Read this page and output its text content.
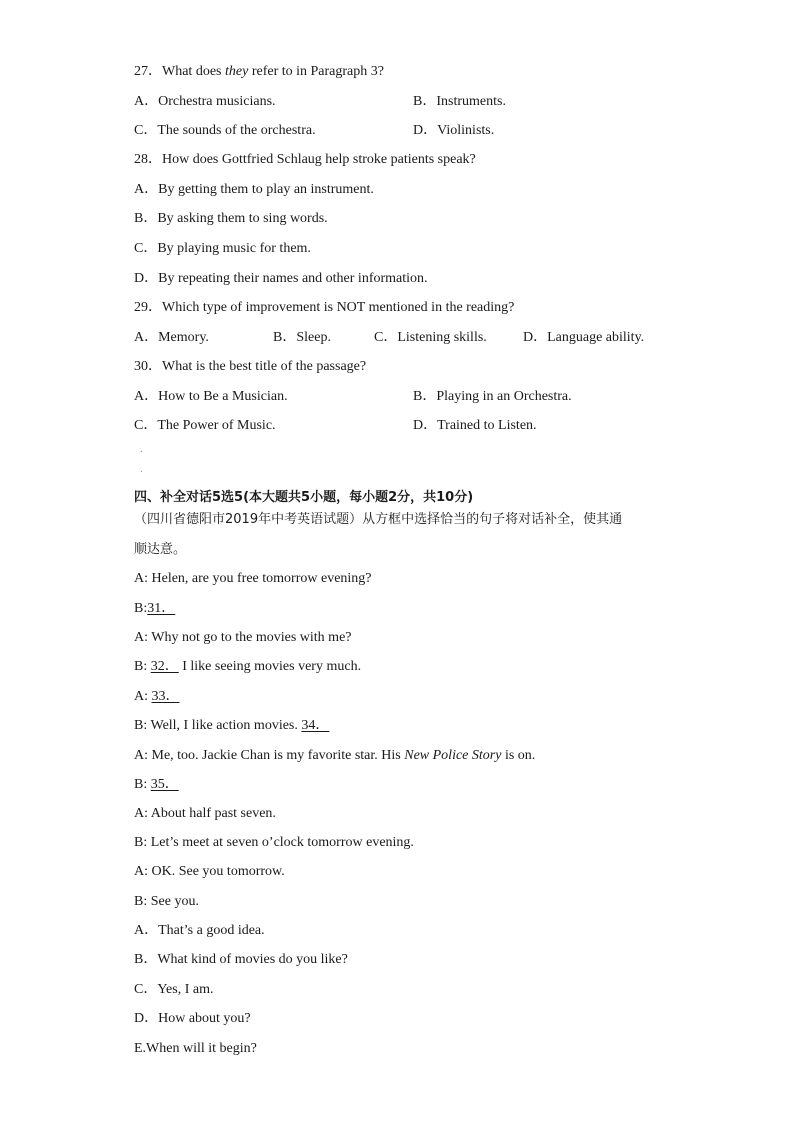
27．What does they refer to in Paragraph 3?
A．Orchestra musicians.	B．Instruments.
C．The sounds of the orchestra.	D．Violinists.
28．How does Gottfried Schlaug help stroke patients speak?
A．By getting them to play an instrument.
B．By asking them to sing words.
C．By playing music for them.
D．By repeating their names and other information.
29．Which type of improvement is NOT mentioned in the reading?
A．Memory.	B．Sleep.	C．Listening skills.	D．Language ability.
30．What is the best title of the passage?
A．How to Be a Musician.	B．Playing in an Orchestra.
C．The Power of Music.	D．Trained to Listen.
.
.
四、补全对话5选5(本大题共5小题，每小题2分，共10分)
（四川省德阳市2019年中考英语试题）从方框中选择恰当的句子将对话补全，使其通
顺达意。
A: Helen, are you free tomorrow evening?
B:31．
A: Why not go to the movies with me?
B: 32． I like seeing movies very much.
A: 33．
B: Well, I like action movies. 34．
A: Me, too. Jackie Chan is my favorite star. His New Police Story is on.
B: 35．
A: About half past seven.
B: Let’s meet at seven o’clock tomorrow evening.
A: OK. See you tomorrow.
B: See you.
A．That’s a good idea.
B．What kind of movies do you like?
C．Yes, I am.
D．How about you?
E.When will it begin?
